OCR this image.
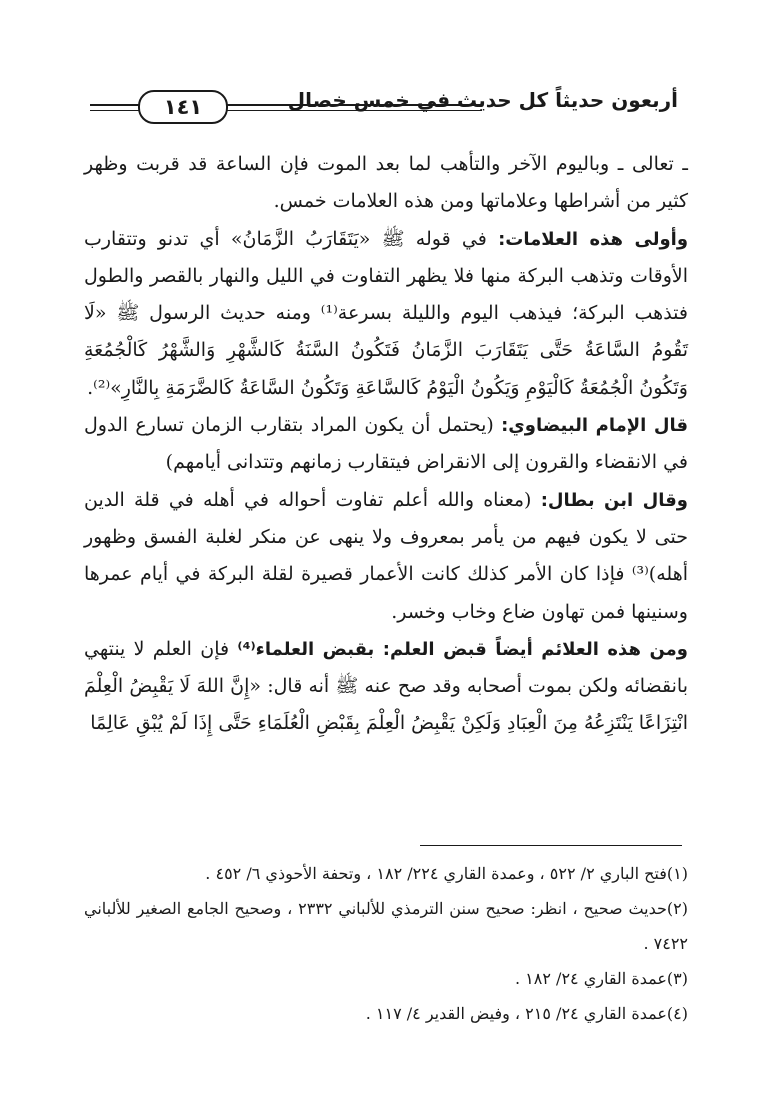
أربعون حديثاً كل حديث في خمس خصال
١٤١

ـ تعالى ـ وباليوم الآخر والتأهب لما بعد الموت فإن الساعة قد قربت وظهر كثير من أشراطها وعلاماتها ومن هذه العلامات خمس.

وأولى هذه العلامات: في قوله ﷺ «يَتَقَارَبُ الزَّمَانُ» أي تدنو وتتقارب الأوقات وتذهب البركة منها فلا يظهر التفاوت في الليل والنهار بالقصر والطول فتذهب البركة؛ فيذهب اليوم والليلة بسرعة⁽¹⁾ ومنه حديث الرسول ﷺ «لَا تَقُومُ السَّاعَةُ حَتَّى يَتَقَارَبَ الزَّمَانُ فَتَكُونُ السَّنَةُ كَالشَّهْرِ وَالشَّهْرُ كَالْجُمُعَةِ وَتَكُونُ الْجُمُعَةُ كَالْيَوْمِ وَيَكُونُ الْيَوْمُ كَالسَّاعَةِ وَتَكُونُ السَّاعَةُ كَالضَّرَمَةِ بِالنَّارِ»⁽²⁾.

قال الإمام البيضاوي: (يحتمل أن يكون المراد بتقارب الزمان تسارع الدول في الانقضاء والقرون إلى الانقراض فيتقارب زمانهم وتتدانى أيامهم)

وقال ابن بطال: (معناه والله أعلم تفاوت أحواله في أهله في قلة الدين حتى لا يكون فيهم من يأمر بمعروف ولا ينهى عن منكر لغلبة الفسق وظهور أهله)⁽³⁾ فإذا كان الأمر كذلك كانت الأعمار قصيرة لقلة البركة في أيام عمرها وسنينها فمن تهاون ضاع وخاب وخسر.

ومن هذه العلائم أيضاً قبض العلم: بقبض العلماء⁽⁴⁾ فإن العلم لا ينتهي بانقضائه ولكن بموت أصحابه وقد صح عنه ﷺ أنه قال: «إِنَّ اللهَ لَا يَقْبِضُ الْعِلْمَ انْتِزَاعًا يَنْتَزِعُهُ مِنَ الْعِبَادِ وَلَكِنْ يَقْبِضُ الْعِلْمَ بِقَبْضِ الْعُلَمَاءِ حَتَّى إِذَا لَمْ يُبْقِ عَالِمًا

(١)فتح الباري ٢/ ٥٢٢ ، وعمدة القاري ٢٢٤/ ١٨٢ ، وتحفة الأحوذي ٦/ ٤٥٢ .

(٢)حديث صحيح ، انظر: صحيح سنن الترمذي للألباني ٢٣٣٢ ، وصحيح الجامع الصغير للألباني ٧٤٢٢ .

(٣)عمدة القاري ٢٤/ ١٨٢ .

(٤)عمدة القاري ٢٤/ ٢١٥ ، وفيض القدير ٤/ ١١٧ .
